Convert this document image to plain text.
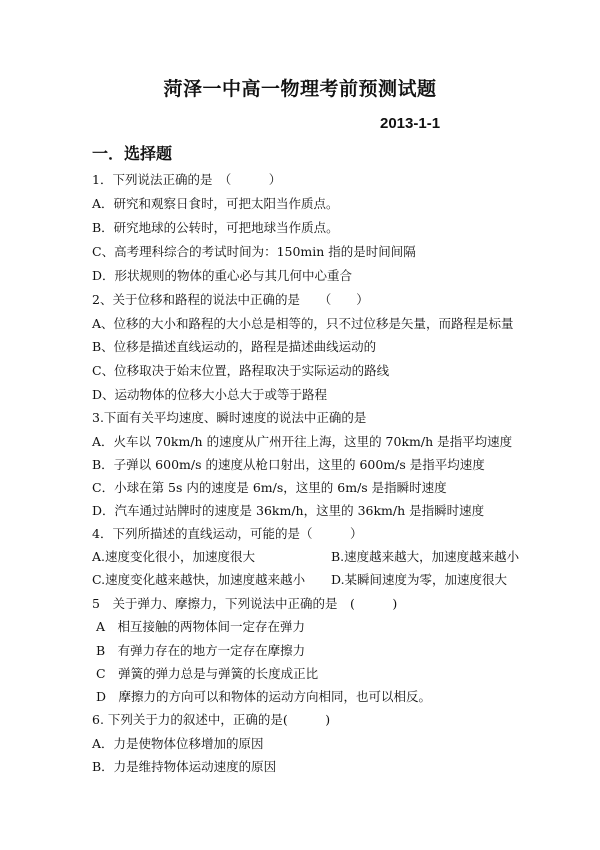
菏泽一中高一物理考前预测试题
2013-1-1
一．选择题
1．下列说法正确的是　（　　　）
A．研究和观察日食时，可把太阳当作质点。
B．研究地球的公转时，可把地球当作质点。
C、高考理科综合的考试时间为：150min 指的是时间间隔
D．形状规则的物体的重心必与其几何中心重合
2、关于位移和路程的说法中正确的是　　（　　）
A、位移的大小和路程的大小总是相等的，只不过位移是矢量，而路程是标量
B、位移是描述直线运动的，路程是描述曲线运动的
C、位移取决于始末位置，路程取决于实际运动的路线
D、运动物体的位移大小总大于或等于路程
3.下面有关平均速度、瞬时速度的说法中正确的是
A．火车以 70km/h 的速度从广州开往上海，这里的 70km/h 是指平均速度
B．子弹以 600m/s 的速度从枪口射出，这里的 600m/s 是指平均速度
C．小球在第 5s 内的速度是 6m/s，这里的 6m/s 是指瞬时速度
D．汽车通过站牌时的速度是 36km/h，这里的 36km/h 是指瞬时速度
4．下列所描述的直线运动，可能的是（　　　）
A.速度变化很小，加速度很大	B.速度越来越大，加速度越来越小
C.速度变化越来越快，加速度越来越小 D.某瞬间速度为零，加速度很大
5　关于弹力、摩擦力，下列说法中正确的是　(　　　)
A　相互接触的两物体间一定存在弹力
B　有弹力存在的地方一定存在摩擦力
C　弹簧的弹力总是与弹簧的长度成正比
D　摩擦力的方向可以和物体的运动方向相同，也可以相反。
6. 下列关于力的叙述中，正确的是(　　　)
A．力是使物体位移增加的原因
B．力是维持物体运动速度的原因
